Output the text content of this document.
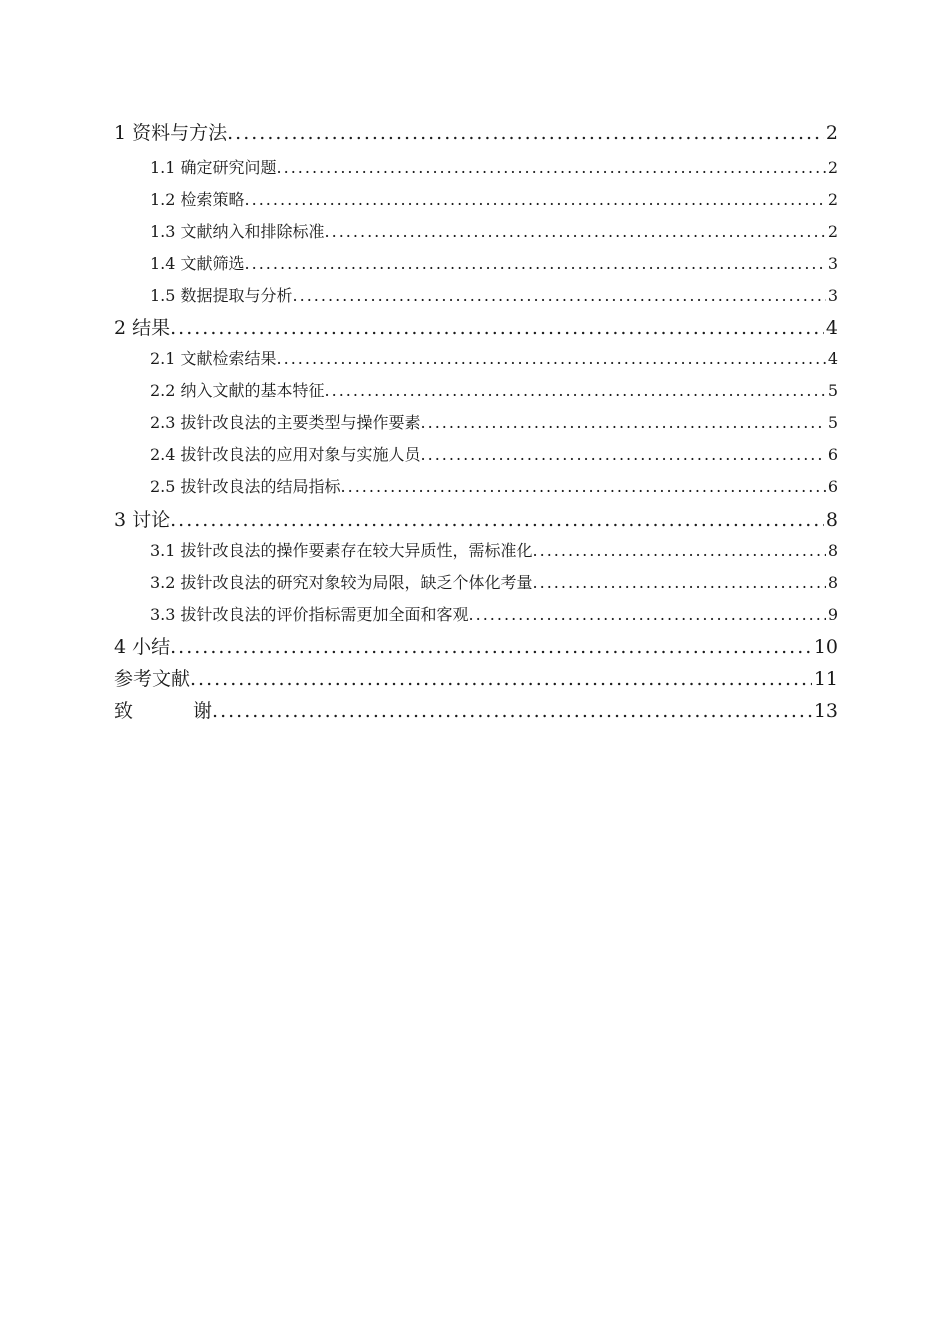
1 资料与方法 .....	2
1.1 确定研究问题 .....	2
1.2 检索策略 .....	2
1.3 文献纳入和排除标准 .....	2
1.4 文献筛选 .....	3
1.5 数据提取与分析 .....	3
2 结果 .....	4
2.1 文献检索结果 .....	4
2.2 纳入文献的基本特征 .....	5
2.3 拔针改良法的主要类型与操作要素 .....	5
2.4 拔针改良法的应用对象与实施人员 .....	6
2.5 拔针改良法的结局指标 .....	6
3 讨论 .....	8
3.1 拔针改良法的操作要素存在较大异质性，需标准化 .....	8
3.2 拔针改良法的研究对象较为局限，缺乏个体化考量 .....	8
3.3 拔针改良法的评价指标需更加全面和客观 .....	9
4 小结 .....	10
参考文献 .....	11
致	谢 .....	13
